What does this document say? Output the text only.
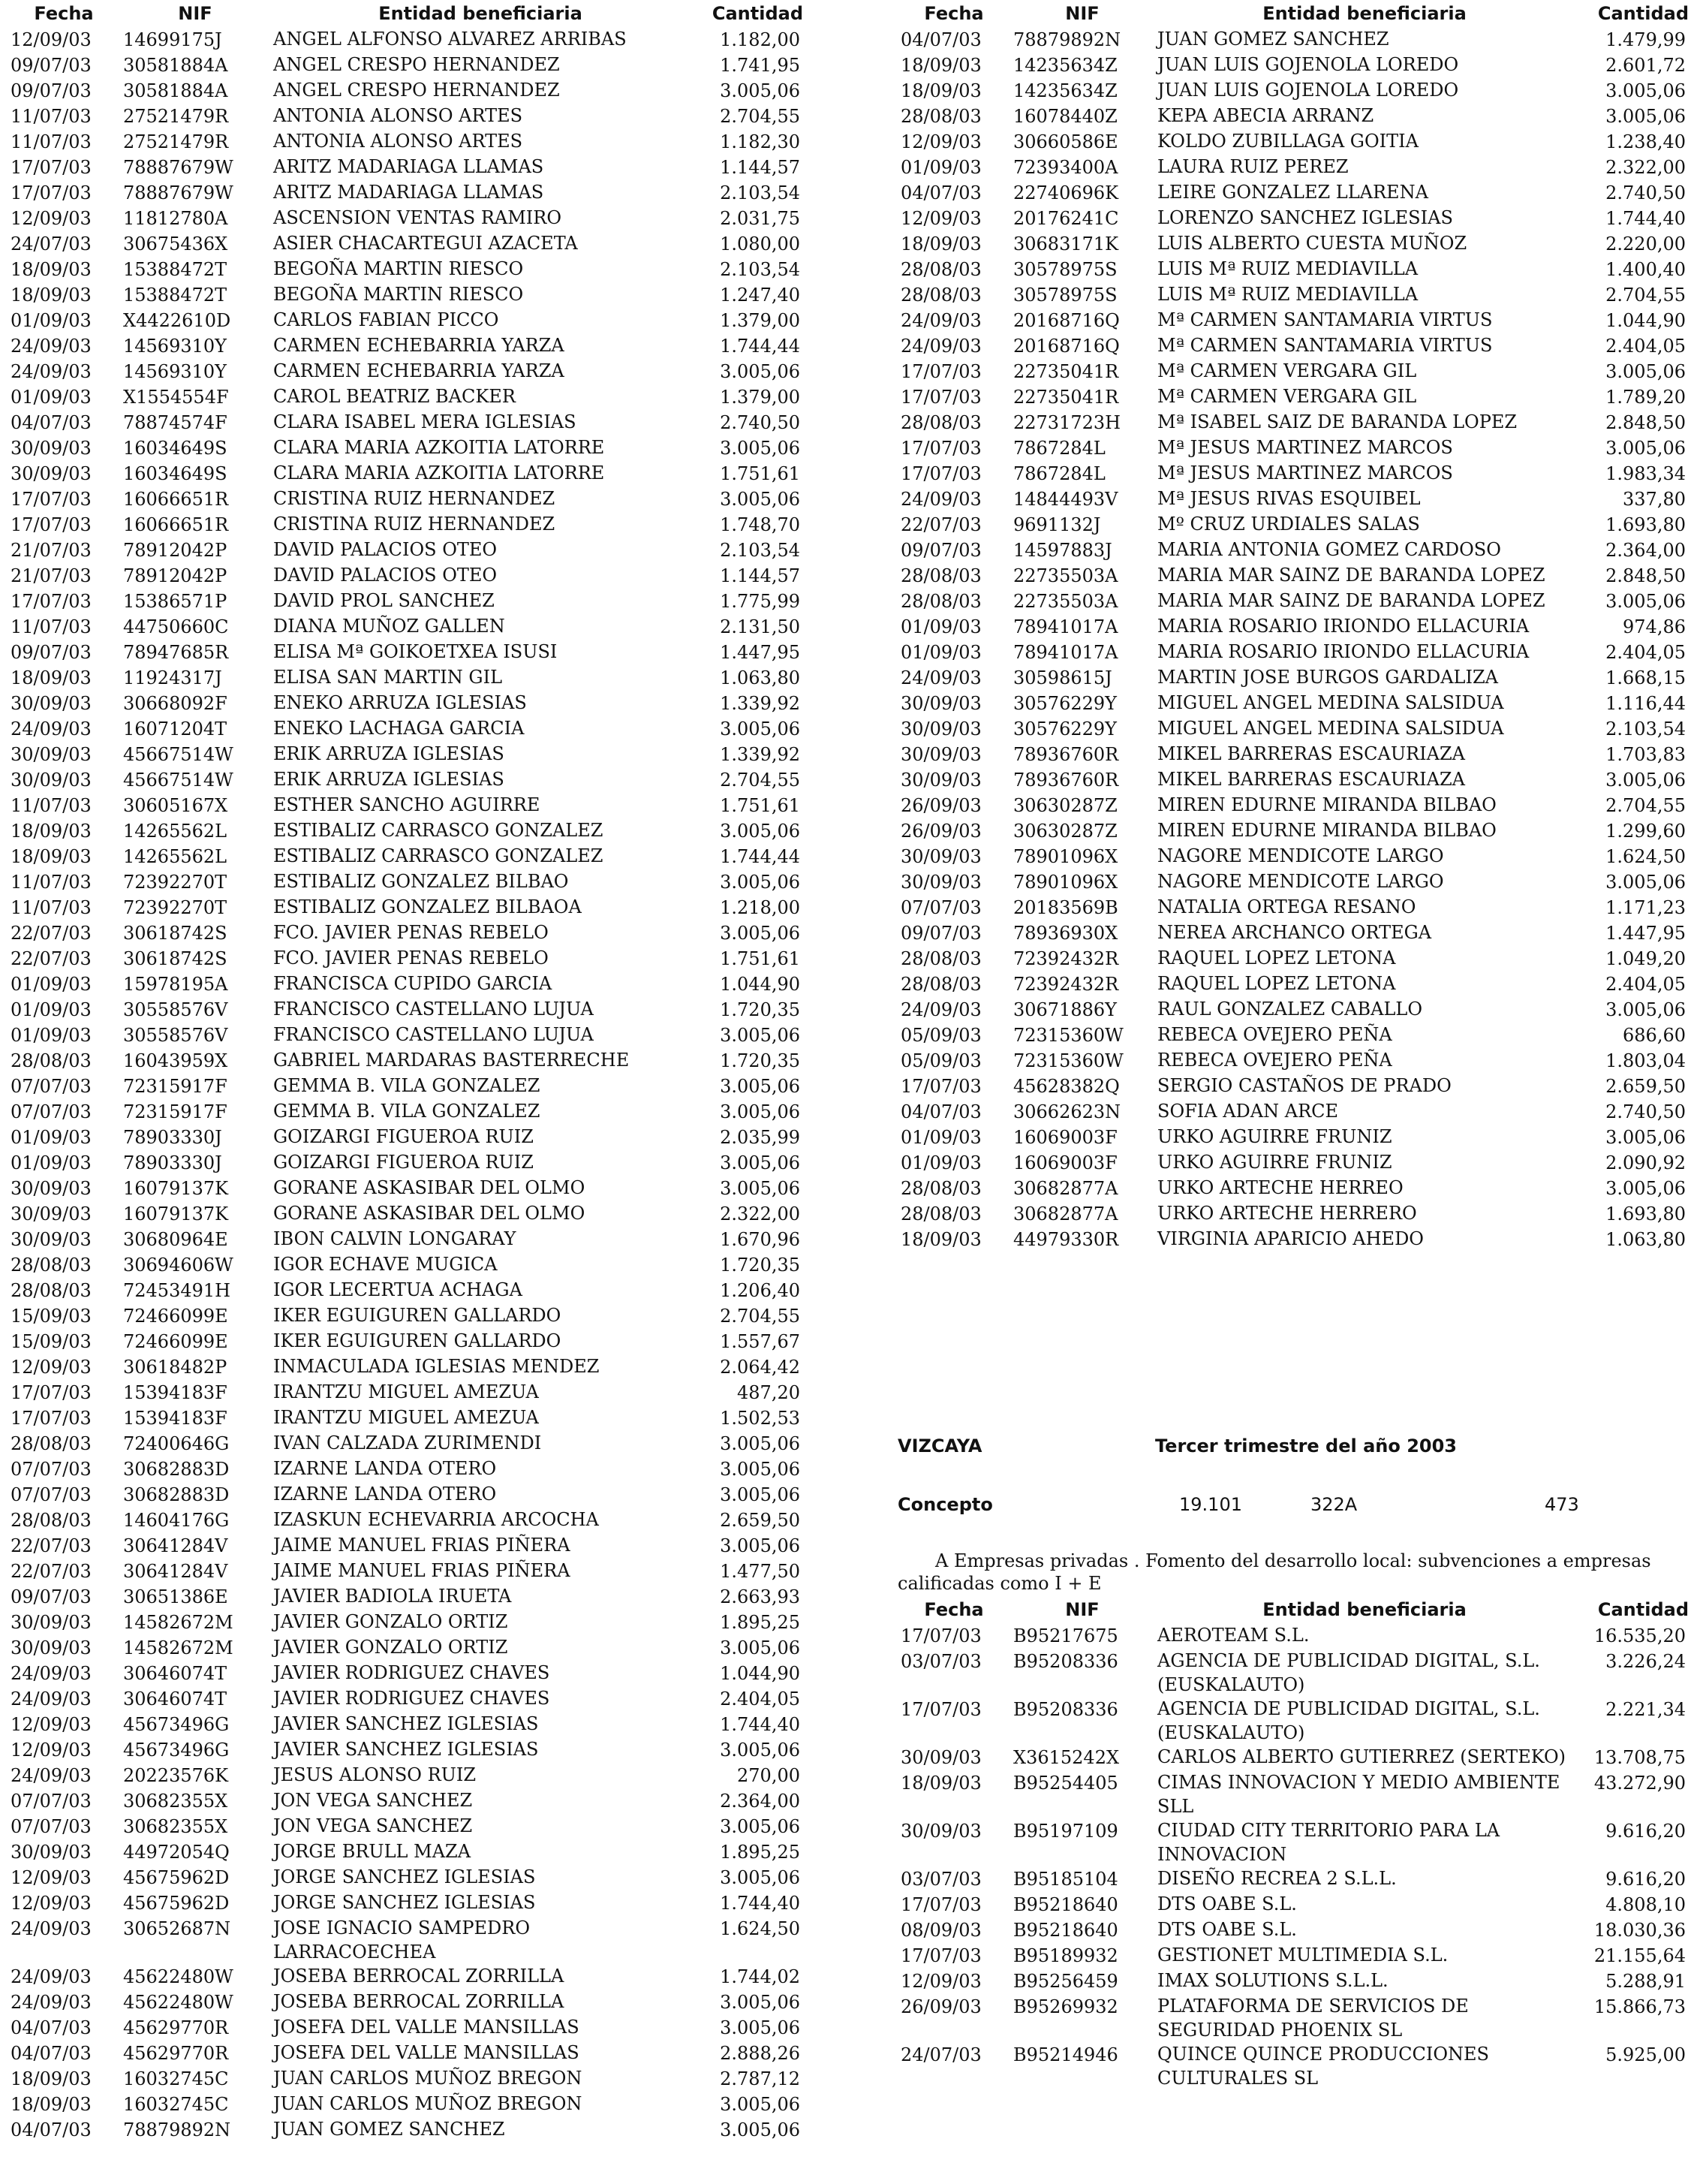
Fecha	NIF	Entidad beneficiaria	Cantidad
12/09/03	14699175J	ANGEL ALFONSO ALVAREZ ARRIBAS	1.182,00
09/07/03	30581884A	ANGEL CRESPO HERNANDEZ	1.741,95
09/07/03	30581884A	ANGEL CRESPO HERNANDEZ	3.005,06
11/07/03	27521479R	ANTONIA ALONSO ARTES	2.704,55
11/07/03	27521479R	ANTONIA ALONSO ARTES	1.182,30
17/07/03	78887679W	ARITZ MADARIAGA LLAMAS	1.144,57
17/07/03	78887679W	ARITZ MADARIAGA LLAMAS	2.103,54
12/09/03	11812780A	ASCENSION VENTAS RAMIRO	2.031,75
24/07/03	30675436X	ASIER CHACARTEGUI AZACETA	1.080,00
18/09/03	15388472T	BEGOÑA MARTIN RIESCO	2.103,54
18/09/03	15388472T	BEGOÑA MARTIN RIESCO	1.247,40
01/09/03	X4422610D	CARLOS FABIAN PICCO	1.379,00
24/09/03	14569310Y	CARMEN ECHEBARRIA YARZA	1.744,44
24/09/03	14569310Y	CARMEN ECHEBARRIA YARZA	3.005,06
01/09/03	X1554554F	CAROL BEATRIZ BACKER	1.379,00
04/07/03	78874574F	CLARA ISABEL MERA IGLESIAS	2.740,50
30/09/03	16034649S	CLARA MARIA AZKOITIA LATORRE	3.005,06
30/09/03	16034649S	CLARA MARIA AZKOITIA LATORRE	1.751,61
17/07/03	16066651R	CRISTINA RUIZ HERNANDEZ	3.005,06
17/07/03	16066651R	CRISTINA RUIZ HERNANDEZ	1.748,70
21/07/03	78912042P	DAVID PALACIOS OTEO	2.103,54
21/07/03	78912042P	DAVID PALACIOS OTEO	1.144,57
17/07/03	15386571P	DAVID PROL SANCHEZ	1.775,99
11/07/03	44750660C	DIANA MUÑOZ GALLEN	2.131,50
09/07/03	78947685R	ELISA Mª GOIKOETXEA ISUSI	1.447,95
18/09/03	11924317J	ELISA SAN MARTIN GIL	1.063,80
30/09/03	30668092F	ENEKO ARRUZA IGLESIAS	1.339,92
24/09/03	16071204T	ENEKO LACHAGA GARCIA	3.005,06
30/09/03	45667514W	ERIK ARRUZA IGLESIAS	1.339,92
30/09/03	45667514W	ERIK ARRUZA IGLESIAS	2.704,55
11/07/03	30605167X	ESTHER SANCHO AGUIRRE	1.751,61
18/09/03	14265562L	ESTIBALIZ CARRASCO GONZALEZ	3.005,06
18/09/03	14265562L	ESTIBALIZ CARRASCO GONZALEZ	1.744,44
11/07/03	72392270T	ESTIBALIZ GONZALEZ BILBAO	3.005,06
11/07/03	72392270T	ESTIBALIZ GONZALEZ BILBAOA	1.218,00
22/07/03	30618742S	FCO. JAVIER PENAS REBELO	3.005,06
22/07/03	30618742S	FCO. JAVIER PENAS REBELO	1.751,61
01/09/03	15978195A	FRANCISCA CUPIDO GARCIA	1.044,90
01/09/03	30558576V	FRANCISCO CASTELLANO LUJUA	1.720,35
01/09/03	30558576V	FRANCISCO CASTELLANO LUJUA	3.005,06
28/08/03	16043959X	GABRIEL MARDARAS BASTERRECHE	1.720,35
07/07/03	72315917F	GEMMA B. VILA GONZALEZ	3.005,06
07/07/03	72315917F	GEMMA B. VILA GONZALEZ	3.005,06
01/09/03	78903330J	GOIZARGI FIGUEROA RUIZ	2.035,99
01/09/03	78903330J	GOIZARGI FIGUEROA RUIZ	3.005,06
30/09/03	16079137K	GORANE ASKASIBAR DEL OLMO	3.005,06
30/09/03	16079137K	GORANE ASKASIBAR DEL OLMO	2.322,00
30/09/03	30680964E	IBON CALVIN LONGARAY	1.670,96
28/08/03	30694606W	IGOR ECHAVE MUGICA	1.720,35
28/08/03	72453491H	IGOR LECERTUA ACHAGA	1.206,40
15/09/03	72466099E	IKER EGUIGUREN GALLARDO	2.704,55
15/09/03	72466099E	IKER EGUIGUREN GALLARDO	1.557,67
12/09/03	30618482P	INMACULADA IGLESIAS MENDEZ	2.064,42
17/07/03	15394183F	IRANTZU MIGUEL AMEZUA	487,20
17/07/03	15394183F	IRANTZU MIGUEL AMEZUA	1.502,53
28/08/03	72400646G	IVAN CALZADA ZURIMENDI	3.005,06
07/07/03	30682883D	IZARNE LANDA OTERO	3.005,06
07/07/03	30682883D	IZARNE LANDA OTERO	3.005,06
28/08/03	14604176G	IZASKUN ECHEVARRIA ARCOCHA	2.659,50
22/07/03	30641284V	JAIME MANUEL FRIAS PIÑERA	3.005,06
22/07/03	30641284V	JAIME MANUEL FRIAS PIÑERA	1.477,50
09/07/03	30651386E	JAVIER BADIOLA IRUETA	2.663,93
30/09/03	14582672M	JAVIER GONZALO ORTIZ	1.895,25
30/09/03	14582672M	JAVIER GONZALO ORTIZ	3.005,06
24/09/03	30646074T	JAVIER RODRIGUEZ CHAVES	1.044,90
24/09/03	30646074T	JAVIER RODRIGUEZ CHAVES	2.404,05
12/09/03	45673496G	JAVIER SANCHEZ IGLESIAS	1.744,40
12/09/03	45673496G	JAVIER SANCHEZ IGLESIAS	3.005,06
24/09/03	20223576K	JESUS ALONSO RUIZ	270,00
07/07/03	30682355X	JON VEGA SANCHEZ	2.364,00
07/07/03	30682355X	JON VEGA SANCHEZ	3.005,06
30/09/03	44972054Q	JORGE BRULL MAZA	1.895,25
12/09/03	45675962D	JORGE SANCHEZ IGLESIAS	3.005,06
12/09/03	45675962D	JORGE SANCHEZ IGLESIAS	1.744,40
24/09/03	30652687N	JOSE IGNACIO SAMPEDRO LARRACOECHEA	1.624,50
24/09/03	45622480W	JOSEBA BERROCAL ZORRILLA	1.744,02
24/09/03	45622480W	JOSEBA BERROCAL ZORRILLA	3.005,06
04/07/03	45629770R	JOSEFA DEL VALLE MANSILLAS	3.005,06
04/07/03	45629770R	JOSEFA DEL VALLE MANSILLAS	2.888,26
18/09/03	16032745C	JUAN CARLOS MUÑOZ BREGON	2.787,12
18/09/03	16032745C	JUAN CARLOS MUÑOZ BREGON	3.005,06
04/07/03	78879892N	JUAN GOMEZ SANCHEZ	3.005,06
Fecha	NIF	Entidad beneficiaria	Cantidad
04/07/03	78879892N	JUAN GOMEZ SANCHEZ	1.479,99
18/09/03	14235634Z	JUAN LUIS GOJENOLA LOREDO	2.601,72
18/09/03	14235634Z	JUAN LUIS GOJENOLA LOREDO	3.005,06
28/08/03	16078440Z	KEPA ABECIA ARRANZ	3.005,06
12/09/03	30660586E	KOLDO ZUBILLAGA GOITIA	1.238,40
01/09/03	72393400A	LAURA RUIZ PEREZ	2.322,00
04/07/03	22740696K	LEIRE GONZALEZ LLARENA	2.740,50
12/09/03	20176241C	LORENZO SANCHEZ IGLESIAS	1.744,40
18/09/03	30683171K	LUIS ALBERTO CUESTA MUÑOZ	2.220,00
28/08/03	30578975S	LUIS Mª RUIZ MEDIAVILLA	1.400,40
28/08/03	30578975S	LUIS Mª RUIZ MEDIAVILLA	2.704,55
24/09/03	20168716Q	Mª CARMEN SANTAMARIA VIRTUS	1.044,90
24/09/03	20168716Q	Mª CARMEN SANTAMARIA VIRTUS	2.404,05
17/07/03	22735041R	Mª CARMEN VERGARA GIL	3.005,06
17/07/03	22735041R	Mª CARMEN VERGARA GIL	1.789,20
28/08/03	22731723H	Mª ISABEL SAIZ DE BARANDA LOPEZ	2.848,50
17/07/03	7867284L	Mª JESUS MARTINEZ MARCOS	3.005,06
17/07/03	7867284L	Mª JESUS MARTINEZ MARCOS	1.983,34
24/09/03	14844493V	Mª JESUS RIVAS ESQUIBEL	337,80
22/07/03	9691132J	Mº CRUZ URDIALES SALAS	1.693,80
09/07/03	14597883J	MARIA ANTONIA GOMEZ CARDOSO	2.364,00
28/08/03	22735503A	MARIA MAR SAINZ DE BARANDA LOPEZ	2.848,50
28/08/03	22735503A	MARIA MAR SAINZ DE BARANDA LOPEZ	3.005,06
01/09/03	78941017A	MARIA ROSARIO IRIONDO ELLACURIA	974,86
01/09/03	78941017A	MARIA ROSARIO IRIONDO ELLACURIA	2.404,05
24/09/03	30598615J	MARTIN JOSE BURGOS GARDALIZA	1.668,15
30/09/03	30576229Y	MIGUEL ANGEL MEDINA SALSIDUA	1.116,44
30/09/03	30576229Y	MIGUEL ANGEL MEDINA SALSIDUA	2.103,54
30/09/03	78936760R	MIKEL BARRERAS ESCAURIAZA	1.703,83
30/09/03	78936760R	MIKEL BARRERAS ESCAURIAZA	3.005,06
26/09/03	30630287Z	MIREN EDURNE MIRANDA BILBAO	2.704,55
26/09/03	30630287Z	MIREN EDURNE MIRANDA BILBAO	1.299,60
30/09/03	78901096X	NAGORE MENDICOTE LARGO	1.624,50
30/09/03	78901096X	NAGORE MENDICOTE LARGO	3.005,06
07/07/03	20183569B	NATALIA ORTEGA RESANO	1.171,23
09/07/03	78936930X	NEREA ARCHANCO ORTEGA	1.447,95
28/08/03	72392432R	RAQUEL LOPEZ LETONA	1.049,20
28/08/03	72392432R	RAQUEL LOPEZ LETONA	2.404,05
24/09/03	30671886Y	RAUL GONZALEZ CABALLO	3.005,06
05/09/03	72315360W	REBECA OVEJERO PEÑA	686,60
05/09/03	72315360W	REBECA OVEJERO PEÑA	1.803,04
17/07/03	45628382Q	SERGIO CASTAÑOS DE PRADO	2.659,50
04/07/03	30662623N	SOFIA ADAN ARCE	2.740,50
01/09/03	16069003F	URKO AGUIRRE FRUNIZ	3.005,06
01/09/03	16069003F	URKO AGUIRRE FRUNIZ	2.090,92
28/08/03	30682877A	URKO ARTECHE HERREO	3.005,06
28/08/03	30682877A	URKO ARTECHE HERRERO	1.693,80
18/09/03	44979330R	VIRGINIA APARICIO AHEDO	1.063,80
VIZCAYA	Tercer trimestre del año 2003
Concepto	19.101	322A	473
A Empresas privadas . Fomento del desarrollo local: subvenciones a empresas calificadas como I + E
Fecha	NIF	Entidad beneficiaria	Cantidad
17/07/03	B95217675	AEROTEAM S.L.	16.535,20
03/07/03	B95208336	AGENCIA DE PUBLICIDAD DIGITAL, S.L. (EUSKALAUTO)	3.226,24
17/07/03	B95208336	AGENCIA DE PUBLICIDAD DIGITAL, S.L. (EUSKALAUTO)	2.221,34
30/09/03	X3615242X	CARLOS ALBERTO GUTIERREZ (SERTEKO)	13.708,75
18/09/03	B95254405	CIMAS INNOVACION Y MEDIO AMBIENTE SLL	43.272,90
30/09/03	B95197109	CIUDAD CITY TERRITORIO PARA LA INNOVACION	9.616,20
03/07/03	B95185104	DISEÑO RECREA 2 S.L.L.	9.616,20
17/07/03	B95218640	DTS OABE S.L.	4.808,10
08/09/03	B95218640	DTS OABE S.L.	18.030,36
17/07/03	B95189932	GESTIONET MULTIMEDIA S.L.	21.155,64
12/09/03	B95256459	IMAX SOLUTIONS S.L.L.	5.288,91
26/09/03	B95269932	PLATAFORMA DE SERVICIOS DE SEGURIDAD PHOENIX SL	15.866,73
24/07/03	B95214946	QUINCE QUINCE PRODUCCIONES CULTURALES SL	5.925,00
